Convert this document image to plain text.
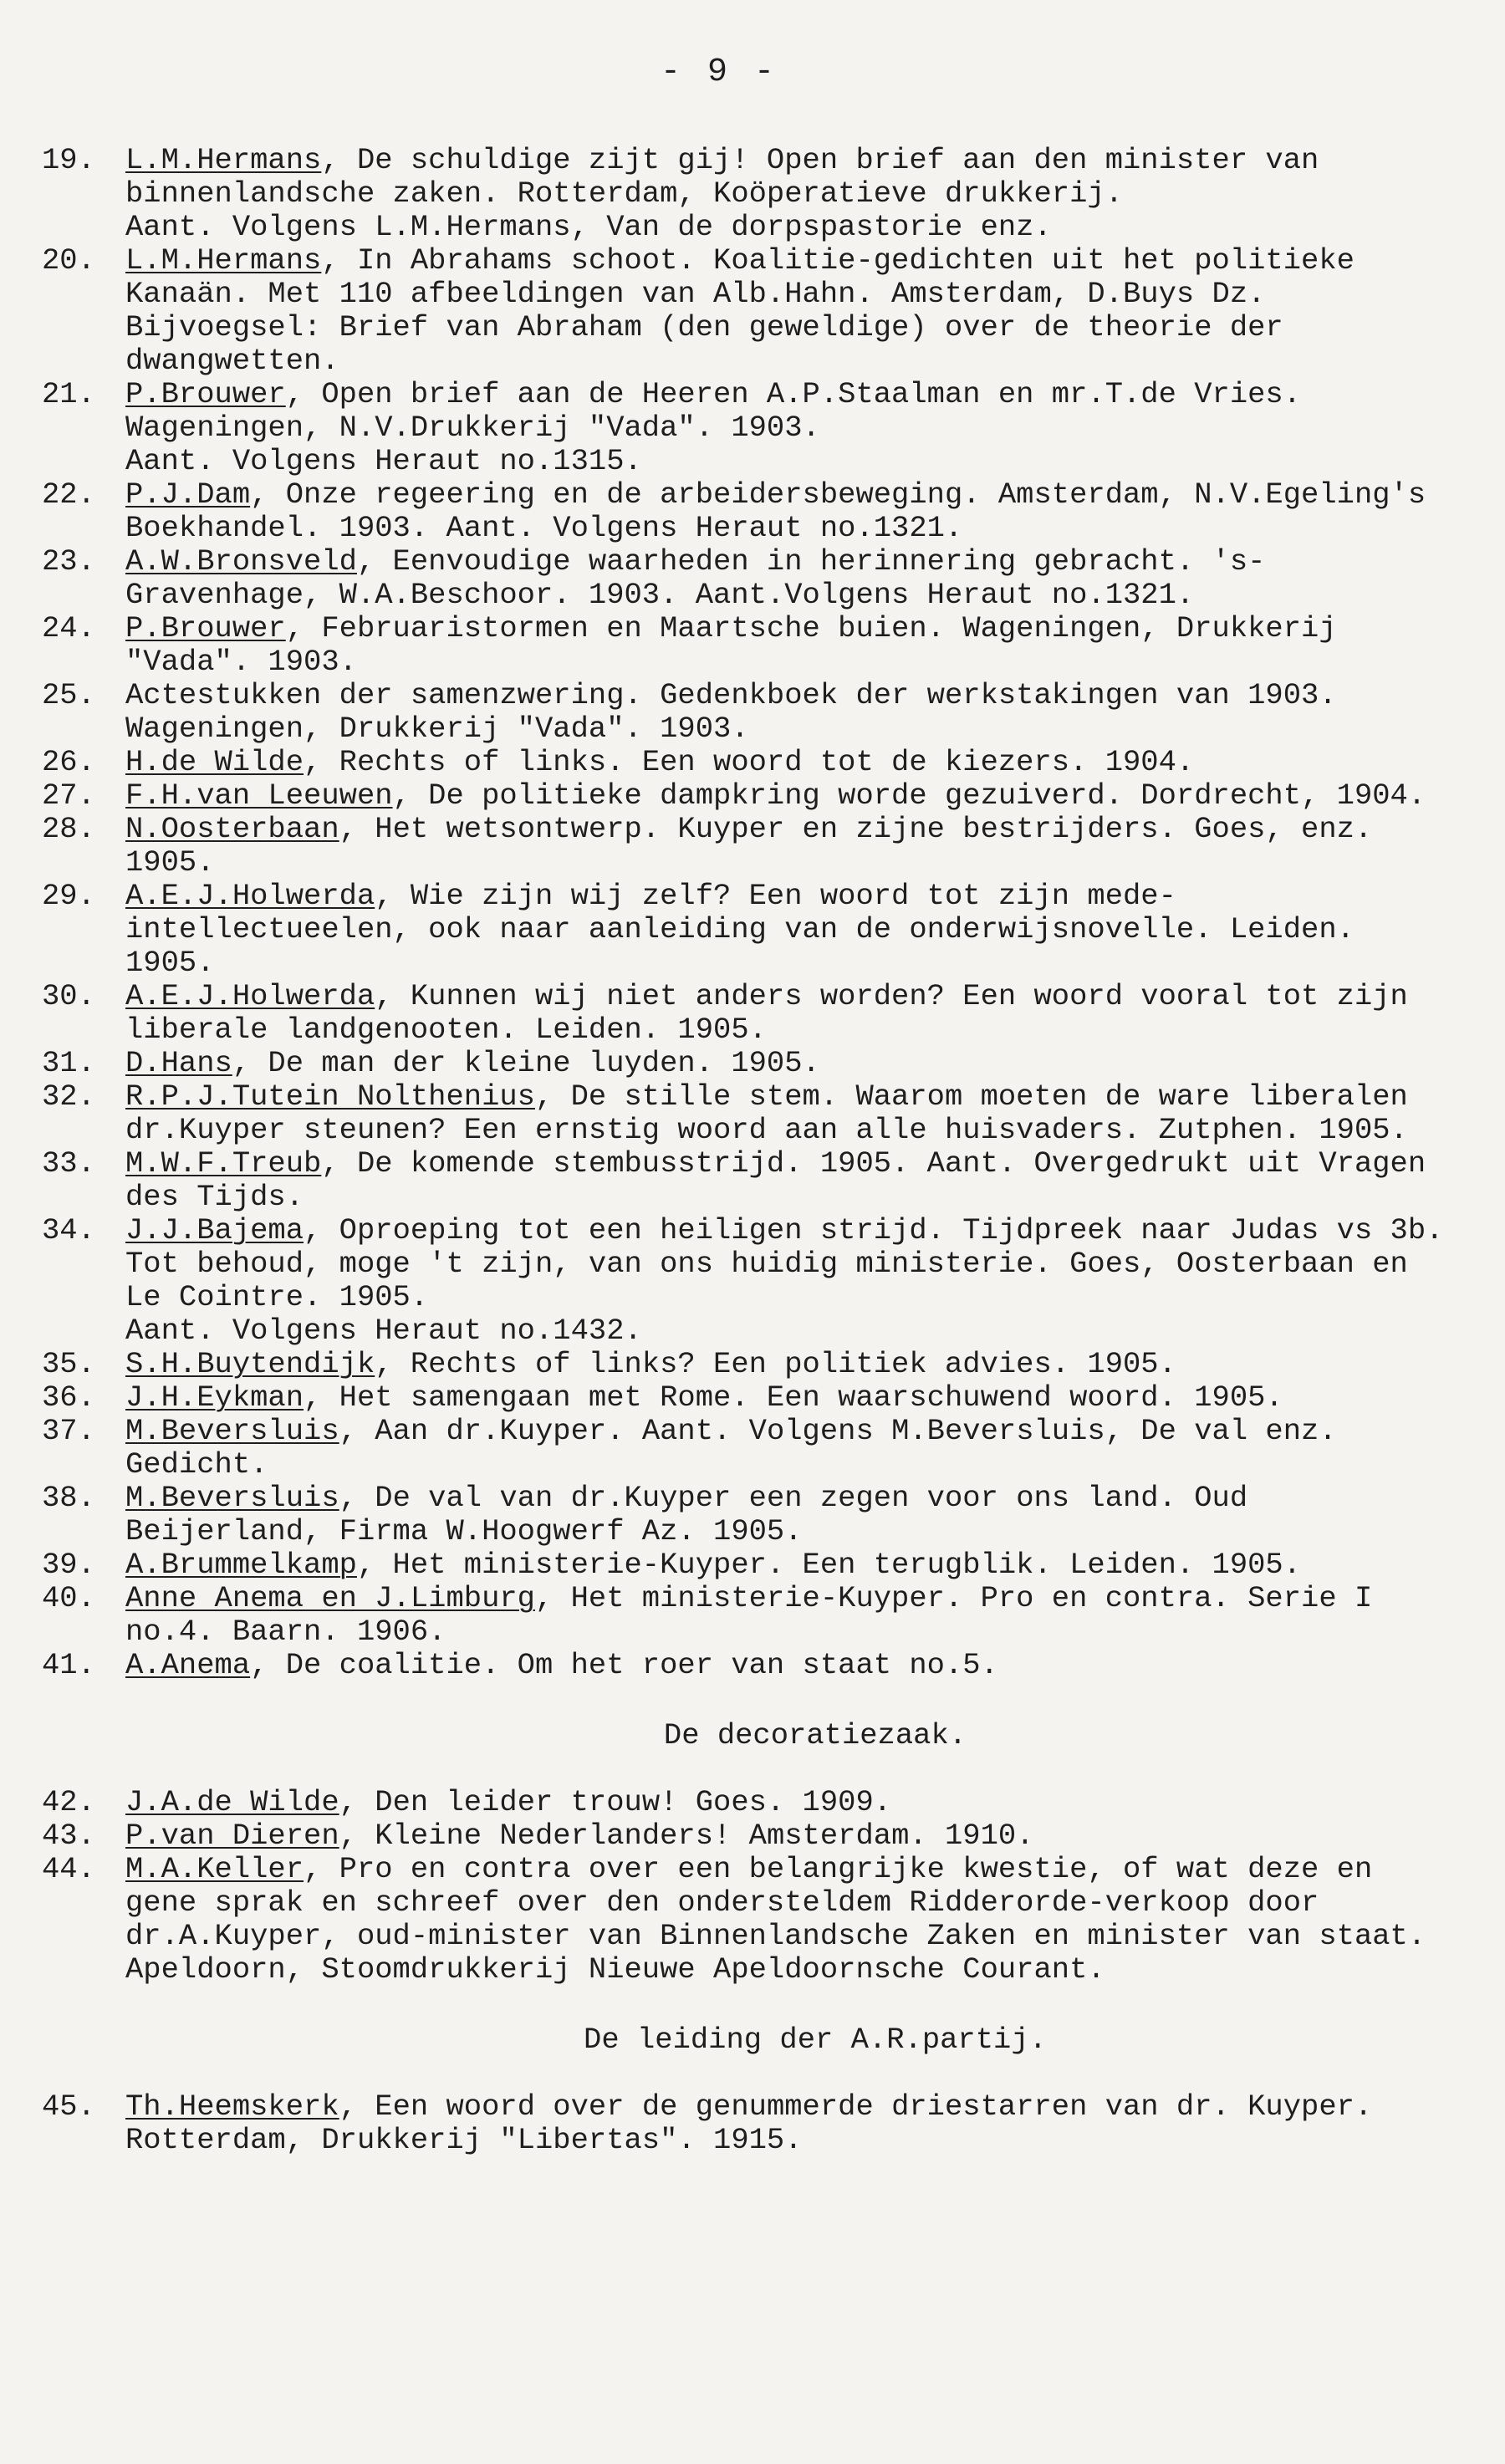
- 9 -
19. L.M.Hermans, De schuldige zijt gij! Open brief aan den minister van binnenlandsche zaken. Rotterdam, Koöperatieve drukkerij.
Aant. Volgens L.M.Hermans, Van de dorpspastorie enz.
20. L.M.Hermans, In Abrahams schoot. Koalitie-gedichten uit het politieke Kanaän. Met 110 afbeeldingen van Alb.Hahn. Amsterdam, D.Buys Dz. Bijvoegsel: Brief van Abraham (den geweldige) over de theorie der dwangwetten.
21. P.Brouwer, Open brief aan de Heeren A.P.Staalman en mr.T.de Vries. Wageningen, N.V.Drukkerij "Vada". 1903.
Aant. Volgens Heraut no.1315.
22. P.J.Dam, Onze regeering en de arbeidersbeweging. Amsterdam, N.V.Egeling's Boekhandel. 1903. Aant. Volgens Heraut no.1321.
23. A.W.Bronsveld, Eenvoudige waarheden in herinnering gebracht. 's-Gravenhage, W.A.Beschoor. 1903. Aant.Volgens Heraut no.1321.
24. P.Brouwer, Februaristormen en Maartsche buien. Wageningen, Drukkerij "Vada". 1903.
25. Actestukken der samenzwering. Gedenkboek der werkstakingen van 1903. Wageningen, Drukkerij "Vada". 1903.
26. H.de Wilde, Rechts of links. Een woord tot de kiezers. 1904.
27. F.H.van Leeuwen, De politieke dampkring worde gezuiverd. Dordrecht, 1904.
28. N.Oosterbaan, Het wetsontwerp. Kuyper en zijne bestrijders. Goes, enz. 1905.
29. A.E.J.Holwerda, Wie zijn wij zelf? Een woord tot zijn mede-intellectueelen, ook naar aanleiding van de onderwijsnovelle. Leiden. 1905.
30. A.E.J.Holwerda, Kunnen wij niet anders worden? Een woord vooral tot zijn liberale landgenooten. Leiden. 1905.
31. D.Hans, De man der kleine luyden. 1905.
32. R.P.J.Tutein Nolthenius, De stille stem. Waarom moeten de ware liberalen dr.Kuyper steunen? Een ernstig woord aan alle huisvaders. Zutphen. 1905.
33. M.W.F.Treub, De komende stembusstrijd. 1905. Aant. Overgedrukt uit Vragen des Tijds.
34. J.J.Bajema, Oproeping tot een heiligen strijd. Tijdpreek naar Judas vs 3b. Tot behoud, moge 't zijn, van ons huidig ministerie. Goes, Oosterbaan en Le Cointre. 1905.
Aant. Volgens Heraut no.1432.
35. S.H.Buytendijk, Rechts of links? Een politiek advies. 1905.
36. J.H.Eykman, Het samengaan met Rome. Een waarschuwend woord. 1905.
37. M.Beversluis, Aan dr.Kuyper. Aant. Volgens M.Beversluis, De val enz. Gedicht.
38. M.Beversluis, De val van dr.Kuyper een zegen voor ons land. Oud Beijerland, Firma W.Hoogwerf Az. 1905.
39. A.Brummelkamp, Het ministerie-Kuyper. Een terugblik. Leiden. 1905.
40. Anne Anema en J.Limburg, Het ministerie-Kuyper. Pro en contra. Serie I no.4. Baarn. 1906.
41. A.Anema, De coalitie. Om het roer van staat no.5.
De decoratiezaak.
42. J.A.de Wilde, Den leider trouw! Goes. 1909.
43. P.van Dieren, Kleine Nederlanders! Amsterdam. 1910.
44. M.A.Keller, Pro en contra over een belangrijke kwestie, of wat deze en gene sprak en schreef over den ondersteldem Ridderorde-verkoop door dr.A.Kuyper, oud-minister van Binnenlandsche Zaken en minister van staat.
Apeldoorn, Stoomdrukkerij Nieuwe Apeldoornsche Courant.
De leiding der A.R.partij.
45. Th.Heemskerk, Een woord over de genummerde driestarren van dr. Kuyper. Rotterdam, Drukkerij "Libertas". 1915.
